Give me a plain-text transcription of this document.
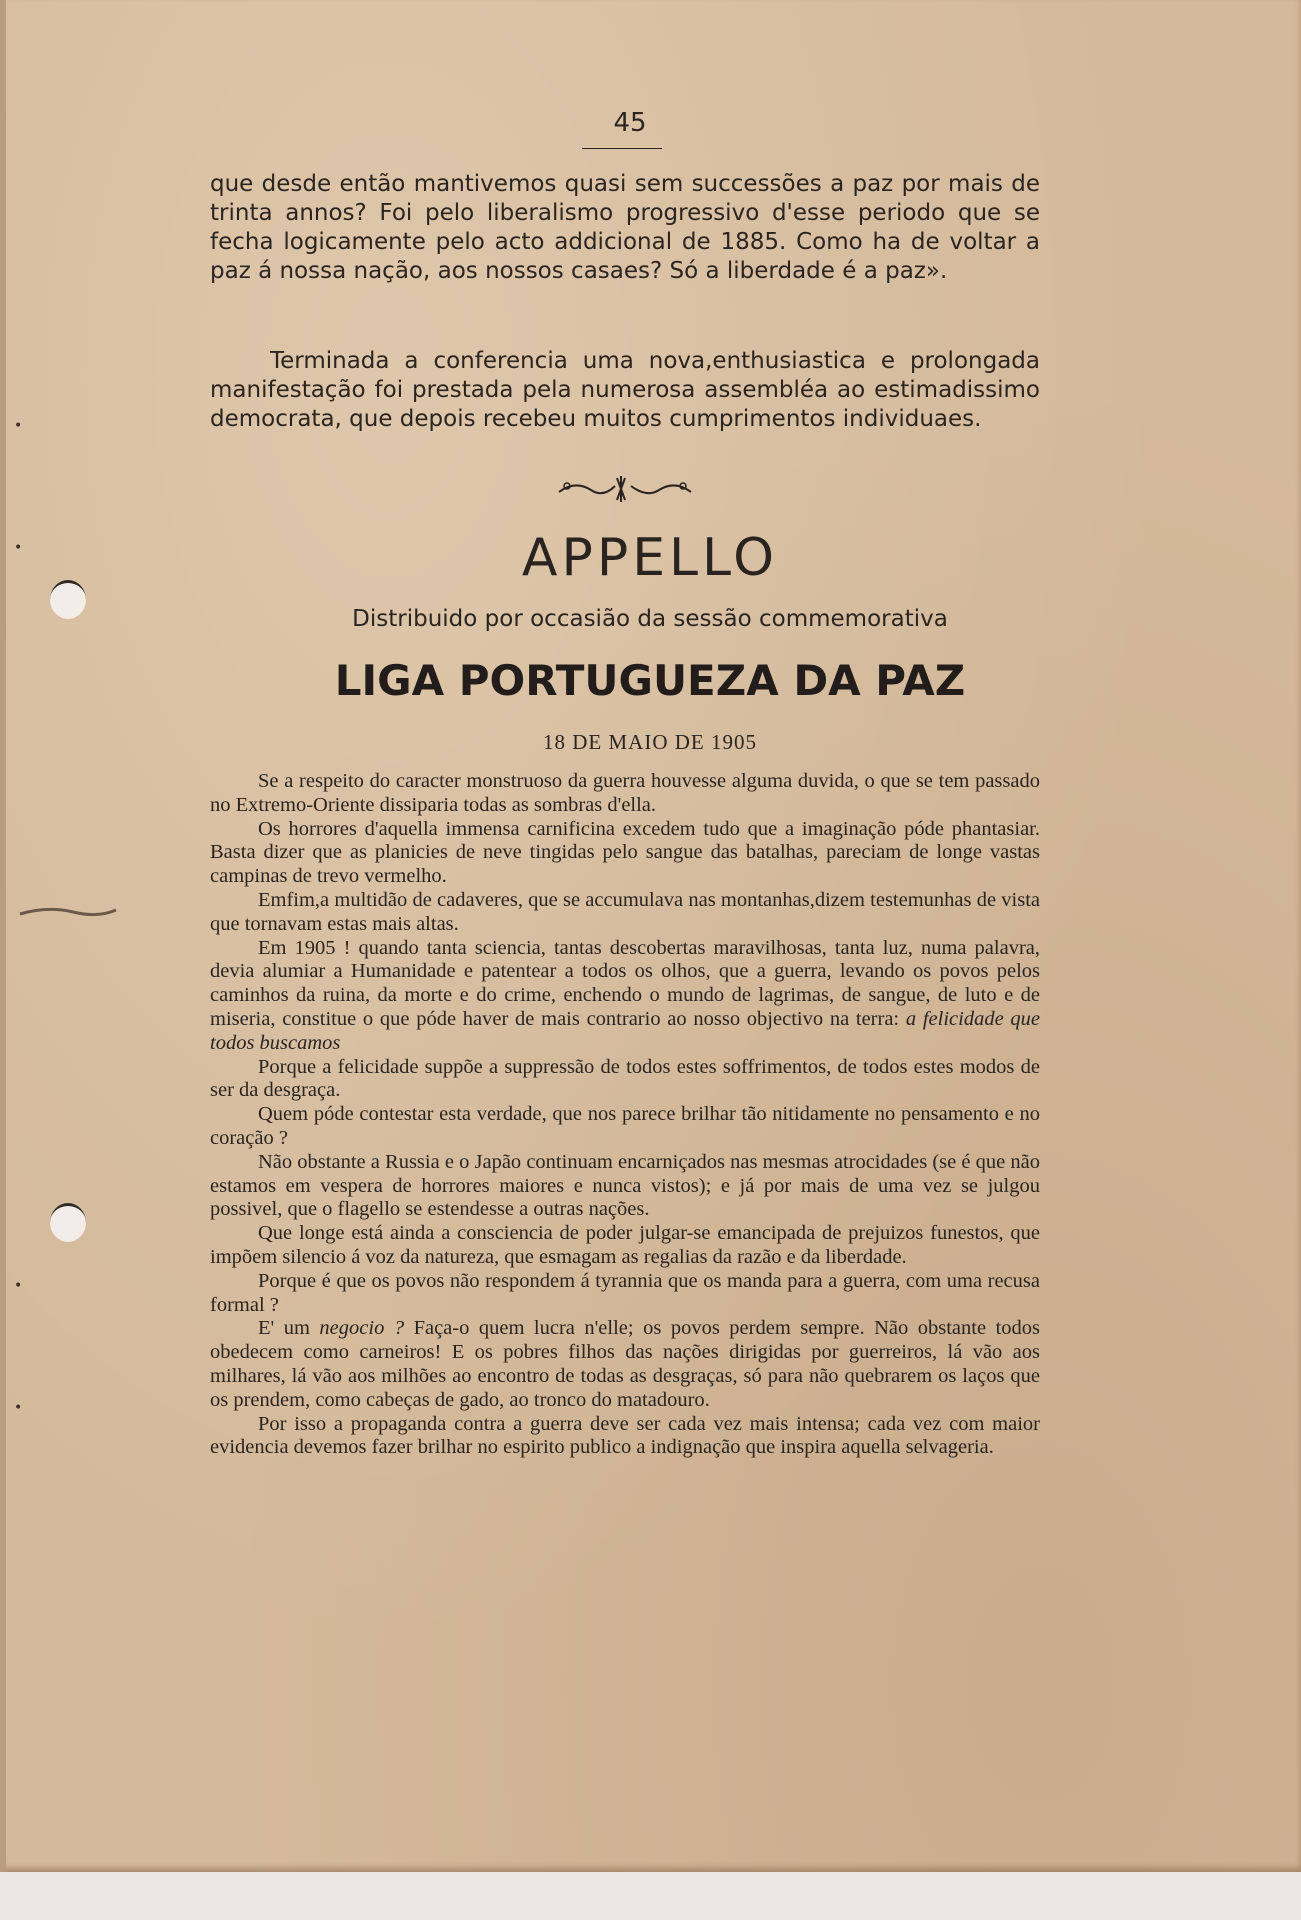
•
•
•
•
45

que desde então mantivemos quasi sem successões a paz por mais de trinta annos? Foi pelo liberalismo progressivo d'esse periodo que se fecha logicamente pelo acto addicional de 1885. Como ha de voltar a paz á nossa nação, aos nossos casaes? Só a liberdade é a paz».

Terminada a conferencia uma nova,enthusiastica e prolongada manifestação foi prestada pela numerosa assembléa ao estimadissimo democrata, que depois recebeu muitos cumprimentos individuaes.

APPELLO
Distribuido por occasião da sessão commemorativa
LIGA PORTUGUEZA DA PAZ
18 DE MAIO DE 1905

Se a respeito do caracter monstruoso da guerra houvesse alguma duvida, o que se tem passado no Extremo-Oriente dissiparia todas as sombras d'ella.

Os horrores d'aquella immensa carnificina excedem tudo que a imaginação póde phantasiar. Basta dizer que as planicies de neve tingidas pelo sangue das batalhas, pareciam de longe vastas campinas de trevo vermelho.

Emfim,a multidão de cadaveres, que se accumulava nas montanhas,dizem testemunhas de vista que tornavam estas mais altas.

Em 1905 ! quando tanta sciencia, tantas descobertas maravilhosas, tanta luz, numa palavra, devia alumiar a Humanidade e patentear a todos os olhos, que a guerra, levando os povos pelos caminhos da ruina, da morte e do crime, enchendo o mundo de lagrimas, de sangue, de luto e de miseria, constitue o que póde haver de mais contrario ao nosso objectivo na terra: a felicidade que todos buscamos

Porque a felicidade suppõe a suppressão de todos estes soffrimentos, de todos estes modos de ser da desgraça.

Quem póde contestar esta verdade, que nos parece brilhar tão nitidamente no pensamento e no coração ?

Não obstante a Russia e o Japão continuam encarniçados nas mesmas atrocidades (se é que não estamos em vespera de horrores maiores e nunca vistos); e já por mais de uma vez se julgou possivel, que o flagello se estendesse a outras nações.

Que longe está ainda a consciencia de poder julgar-se emancipada de prejuizos funestos, que impõem silencio á voz da natureza, que esmagam as regalias da razão e da liberdade.

Porque é que os povos não respondem á tyrannia que os manda para a guerra, com uma recusa formal ?

E' um negocio ? Faça-o quem lucra n'elle; os povos perdem sempre. Não obstante todos obedecem como carneiros! E os pobres filhos das nações dirigidas por guerreiros, lá vão aos milhares, lá vão aos milhões ao encontro de todas as desgraças, só para não quebrarem os laços que os prendem, como cabeças de gado, ao tronco do matadouro.

Por isso a propaganda contra a guerra deve ser cada vez mais intensa; cada vez com maior evidencia devemos fazer brilhar no espirito publico a indignação que inspira aquella selvageria.
